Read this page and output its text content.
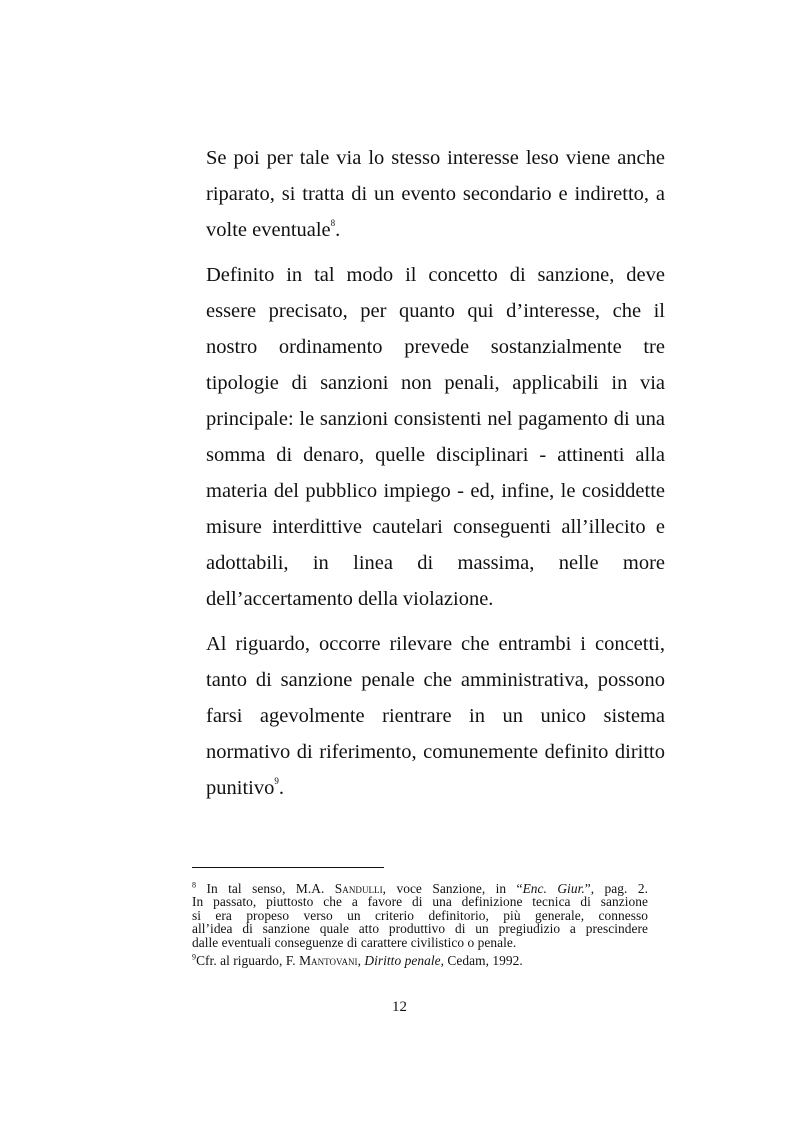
Se poi per tale via lo stesso interesse leso viene anche
riparato, si tratta di un evento secondario e indiretto, a
volte eventuale$^8$.
Definito in tal modo il concetto di sanzione, deve
essere precisato, per quanto qui d’interesse, che il
nostro ordinamento prevede sostanzialmente tre
tipologie di sanzioni non penali, applicabili in via
principale: le sanzioni consistenti nel pagamento di una
somma di denaro, quelle disciplinari - attinenti alla
materia del pubblico impiego - ed, infine, le cosiddette
misure interdittive cautelari conseguenti all’illecito e
adottabili, in linea di massima, nelle more
dell’accertamento della violazione.
Al riguardo, occorre rilevare che entrambi i concetti,
tanto di sanzione penale che amministrativa, possono
farsi agevolmente rientrare in un unico sistema
normativo di riferimento, comunemente definito diritto
punitivo$^9$.
$^8$ In tal senso, M.A. Sandulli, voce Sanzione, in “Enc. Giur.”, pag. 2.
In passato, piuttosto che a favore di una definizione tecnica di sanzione
si era propeso verso un criterio definitorio, più generale, connesso
all’idea di sanzione quale atto produttivo di un pregiudizio a prescindere
dalle eventuali conseguenze di carattere civilistico o penale.
$^9$Cfr. al riguardo, F. Mantovani, Diritto penale, Cedam, 1992.
12
